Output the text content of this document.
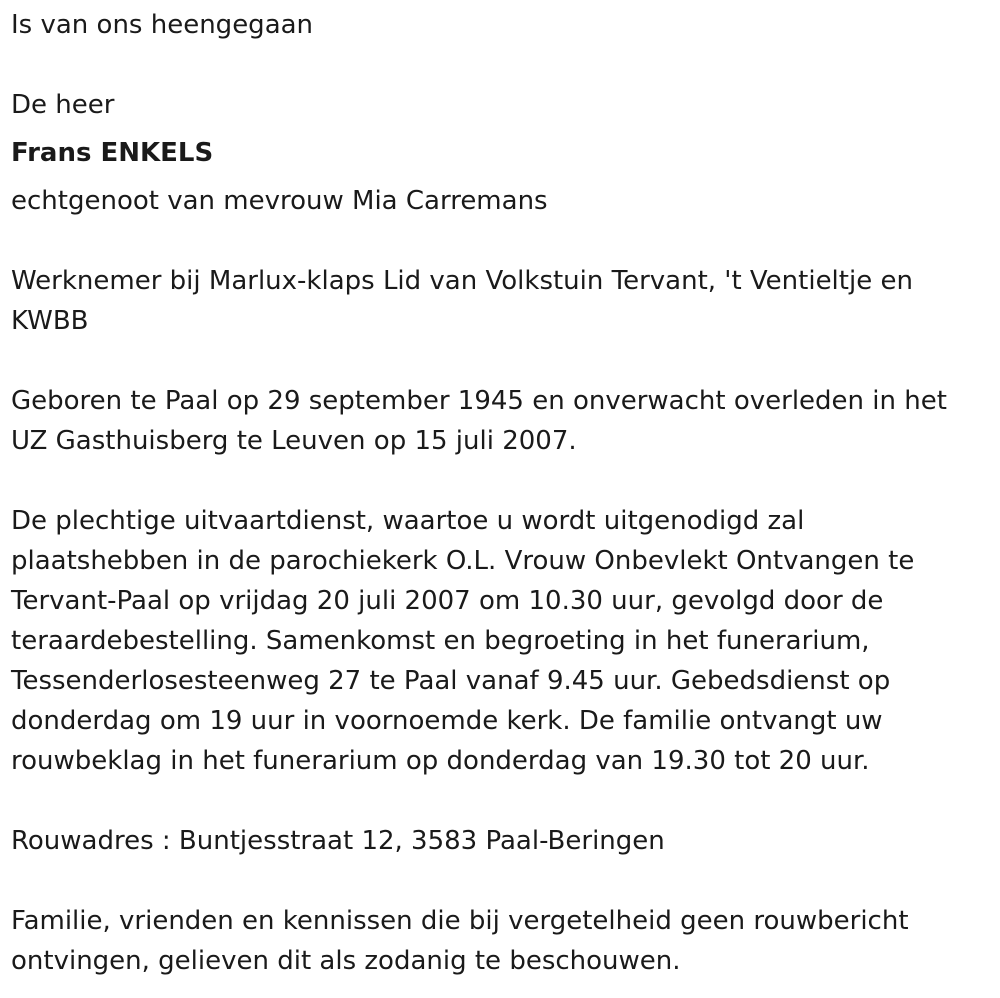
Is van ons heengegaan

De heer

Frans ENKELS

echtgenoot van mevrouw Mia Carremans

Werknemer bij Marlux-klaps Lid van Volkstuin Tervant, 't Ventieltje en KWBB

Geboren te Paal op 29 september 1945 en onverwacht overleden in het UZ Gasthuisberg te Leuven op 15 juli 2007.

De plechtige uitvaartdienst, waartoe u wordt uitgenodigd zal plaatshebben in de parochiekerk O.L. Vrouw Onbevlekt Ontvangen te Tervant-Paal op vrijdag 20 juli 2007 om 10.30 uur, gevolgd door de teraardebestelling. Samenkomst en begroeting in het funerarium, Tessenderlosesteenweg 27 te Paal vanaf 9.45 uur. Gebedsdienst op donderdag om 19 uur in voornoemde kerk. De familie ontvangt uw rouwbeklag in het funerarium op donderdag van 19.30 tot 20 uur.

Rouwadres : Buntjesstraat 12, 3583 Paal-Beringen

Familie, vrienden en kennissen die bij vergetelheid geen rouwbericht ontvingen, gelieven dit als zodanig te beschouwen.
